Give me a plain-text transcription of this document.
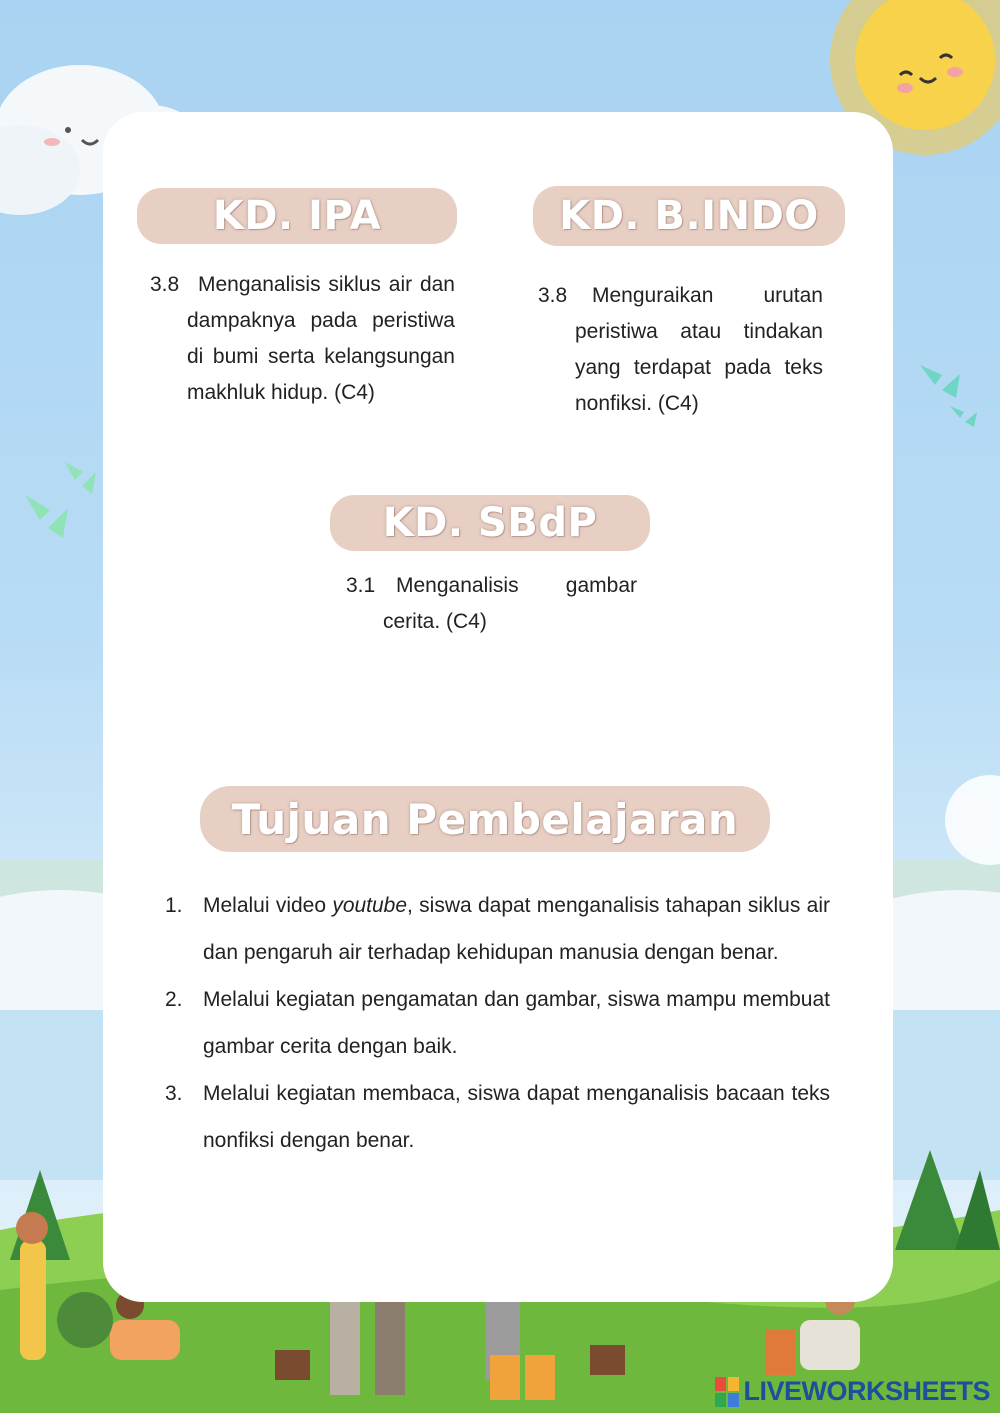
KD. IPA
3.8 Menganalisis siklus air dan dampaknya pada peristiwa di bumi serta kelangsungan makhluk hidup. (C4)
KD. B.INDO
3.8	Menguraikan urutan peristiwa atau tindakan yang terdapat pada teks nonfiksi. (C4)
KD. SBdP
3.1 Menganalisis gambar cerita. (C4)
Tujuan Pembelajaran
1. Melalui video youtube, siswa dapat menganalisis tahapan siklus air dan pengaruh air terhadap kehidupan manusia dengan benar.
2. Melalui kegiatan pengamatan dan gambar, siswa mampu membuat gambar cerita dengan baik.
3. Melalui kegiatan membaca, siswa dapat menganalisis bacaan teks nonfiksi dengan benar.
LIVEWORKSHEETS
